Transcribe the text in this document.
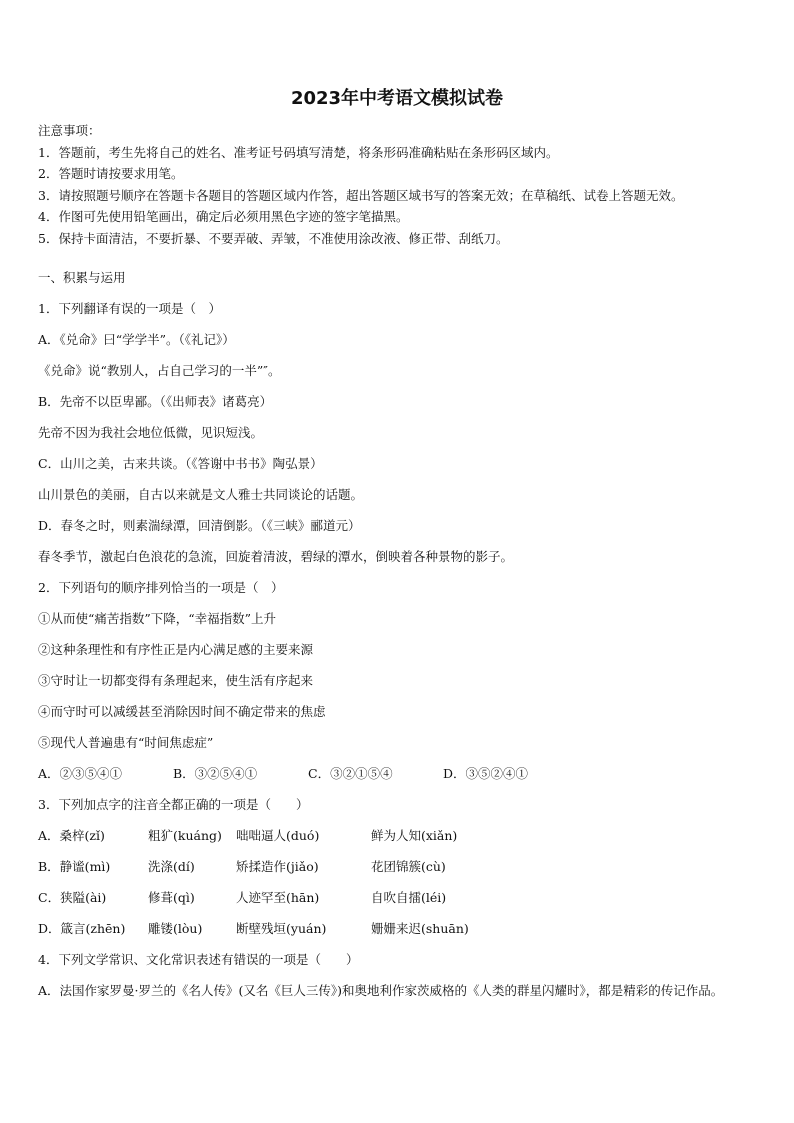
2023年中考语文模拟试卷
注意事项：
1．答题前，考生先将自己的姓名、准考证号码填写清楚，将条形码准确粘贴在条形码区域内。
2．答题时请按要求用笔。
3．请按照题号顺序在答题卡各题目的答题区域内作答，超出答题区域书写的答案无效；在草稿纸、试卷上答题无效。
4．作图可先使用铅笔画出，确定后必须用黑色字迹的签字笔描黑。
5．保持卡面清洁，不要折暴、不要弄破、弄皱，不准使用涂改液、修正带、刮纸刀。
一、积累与运用
1．下列翻译有误的一项是（　）
A．《兑命》曰“学学半”。（《礼记》）
《兑命》说“教别人，占自己学习的一半”″。
B．先帝不以臣卑鄙。（《出师表》诸葛亮）
先帝不因为我社会地位低微，见识短浅。
C．山川之美，古来共谈。（《答谢中书书》陶弘景）
山川景色的美丽，自古以来就是文人雅士共同谈论的话题。
D．春冬之时，则素湍绿潭，回清倒影。（《三峡》郦道元）
春冬季节，激起白色浪花的急流，回旋着清波，碧绿的潭水，倒映着各种景物的影子。
2．下列语句的顺序排列恰当的一项是（　）
①从而使“痛苦指数”下降，“幸福指数”上升
②这种条理性和有序性正是内心满足感的主要来源
③守时让一切都变得有条理起来，使生活有序起来
④而守时可以减缓甚至消除因时间不确定带来的焦虑
⑤现代人普遍患有“时间焦虑症”
A．②③⑤④①	B．③②⑤④①	C．③②①⑤④	D．③⑤②④①
3．下列加点字的注音全都正确的一项是（　　）
A．桑梓(zǐ)	粗犷(kuáng)	咄咄逼人(duó)	鲜为人知(xiǎn)
B．静谧(mì)	洗涤(dí)	矫揉造作(jiǎo)	花团锦簇(cù)
C．狭隘(ài)	修葺(qì)	人迹罕至(hān)	自吹自擂(léi)
D．箴言(zhēn)	雕镂(lòu)	断壁残垣(yuán)	姗姗来迟(shuān)
4．下列文学常识、文化常识表述有错误的一项是（　　）
A．法国作家罗曼·罗兰的《名人传》(又名《巨人三传》)和奥地利作家茨威格的《人类的群星闪耀时》，都是精彩的传记作品。
